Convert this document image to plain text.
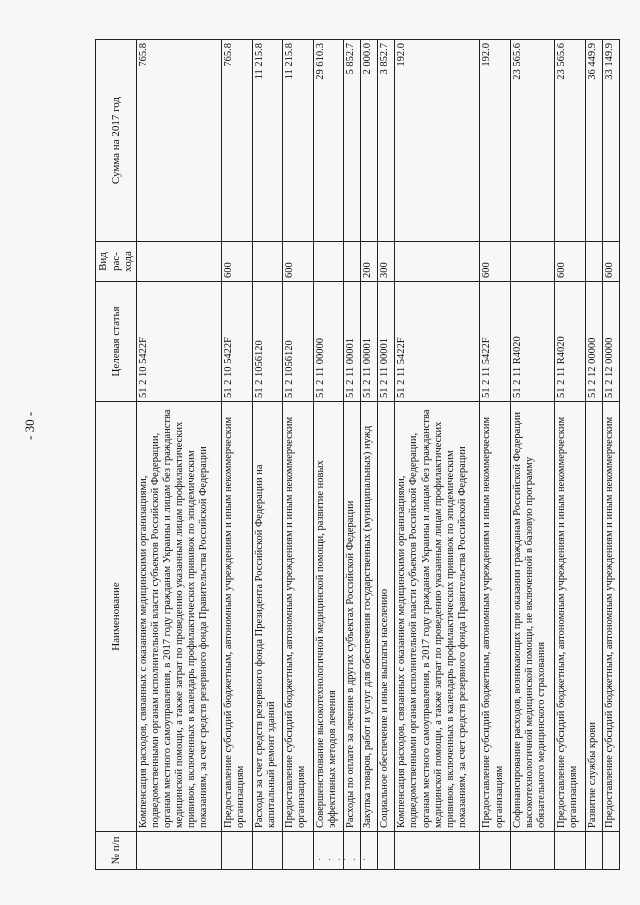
- 30 -
№ п/п	Наименование	Целевая статья	Вид рас-хода	Сумма на 2017 год
	Компенсация расходов, связанных с оказанием медицинскими организациями, подведомственными органам исполнительной власти субъектов Российской Федерации, органам местного самоуправления, в 2017 году гражданам Украины и лицам без гражданства медицинской помощи, а также затрат по проведению указанным лицам профилактических прививок, включенных в календарь профилактических прививок по эпидемическим показаниям, за счет средств резервного фонда Правительства Российской Федерации	51 2 10 5422F		765.8
	Предоставление субсидий бюджетным, автономным учреждениям и иным некоммерческим организациям	51 2 10 5422F	600	765.8
	Расходы за счет средств резервного фонда Президента Российской Федерации на капитальный ремонт зданий	51 2 1056120		11 215.8
	Предоставление субсидий бюджетным, автономным учреждениям и иным некоммерческим организациям	51 2 1056120	600	11 215.8
	Совершенствование высокотехнологичной медицинской помощи, развитие новых эффективных методов лечения	51 2 11 00000		29 610.3
	Расходы по оплате за лечение в других субъектах Российской Федерации	51 2 11 00001		5 852.7
	Закупка товаров, работ и услуг для обеспечения государственных (муниципальных) нужд	51 2 11 00001	200	2 000.0
	Социальное обеспечение и иные выплаты населению	51 2 11 00001	300	3 852.7
	Компенсация расходов, связанных с оказанием медицинскими организациями, подведомственными органам исполнительной власти субъектов Российской Федерации, органам местного самоуправления, в 2017 году гражданам Украины и лицам без гражданства медицинской помощи, а также затрат по проведению указанным лицам профилактических прививок, включенных в календарь профилактических прививок по эпидемическим показаниям, за счет средств резервного фонда Правительства Российской Федерации	51 2 11 5422F		192.0
	Предоставление субсидий бюджетным, автономным учреждениям и иным некоммерческим организациям	51 2 11 5422F	600	192.0
	Софинансирование расходов, возникающих при оказании гражданам Российской Федерации высокотехнологичной медицинской помощи, не включенной в базовую программу обязательного медицинского страхования	51 2 11 R4020		23 565.6
	Предоставление субсидий бюджетным, автономным учреждениям и иным некоммерческим организациям	51 2 11 R4020	600	23 565.6
	Развитие службы крови	51 2 12 00000		36 449.9
	Предоставление субсидий бюджетным, автономным учреждениям и иным некоммерческим	51 2 12 00000	600	33 149.9
· · ·· · ·
